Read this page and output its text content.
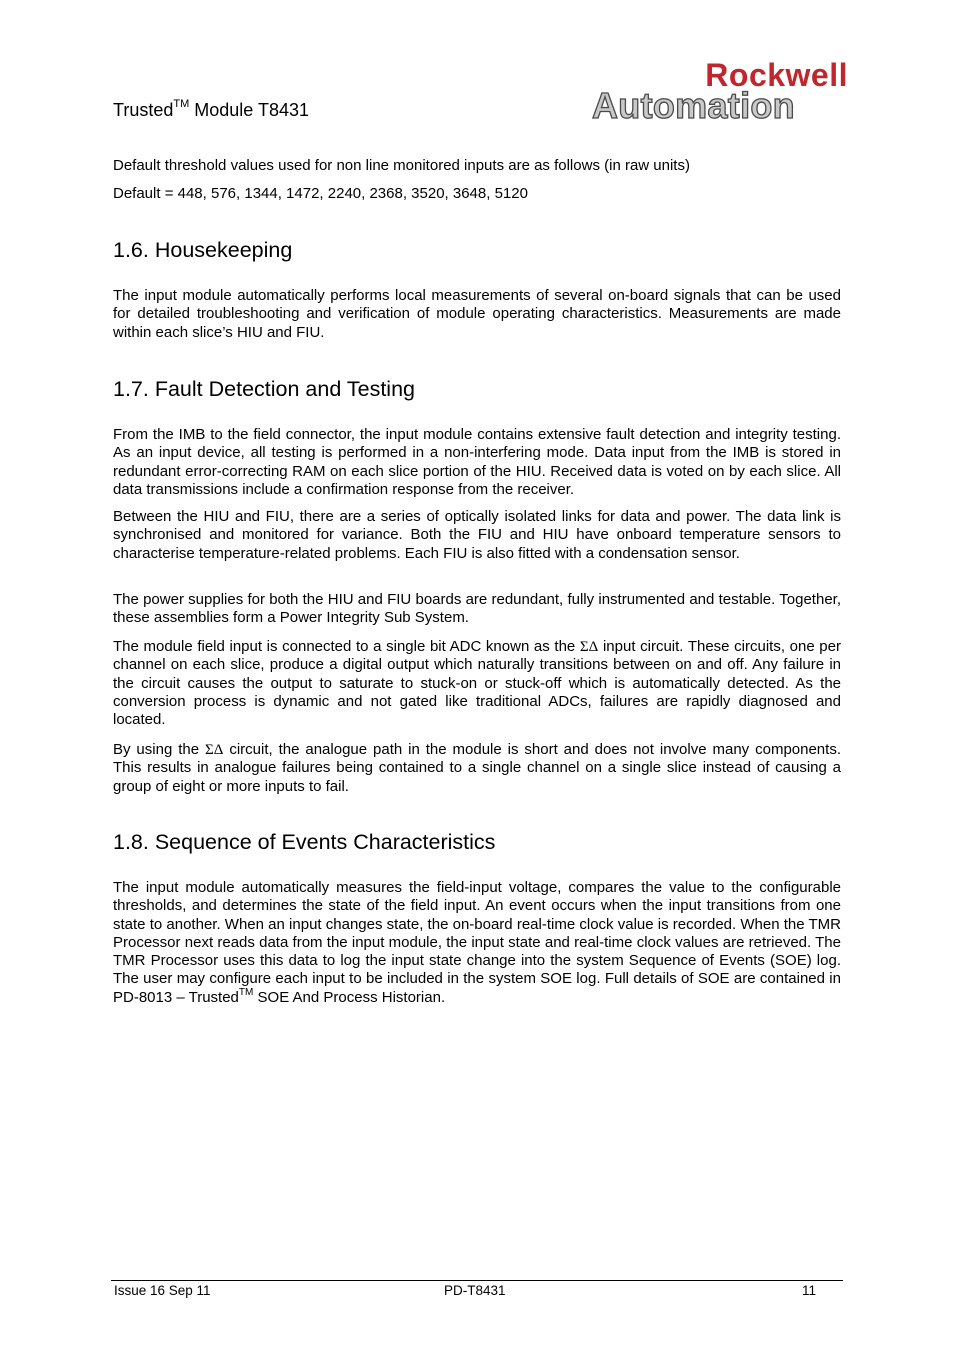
Trusted™ Module T8431
Rockwell
Automation
Default threshold values used for non line monitored inputs are as follows (in raw units)
Default = 448, 576, 1344, 1472, 2240, 2368, 3520, 3648, 5120
1.6. Housekeeping
The input module automatically performs local measurements of several on-board signals that can be used for detailed troubleshooting and verification of module operating characteristics. Measurements are made within each slice’s HIU and FIU.
1.7. Fault Detection and Testing
From the IMB to the field connector, the input module contains extensive fault detection and integrity testing. As an input device, all testing is performed in a non-interfering mode. Data input from the IMB is stored in redundant error-correcting RAM on each slice portion of the HIU. Received data is voted on by each slice. All data transmissions include a confirmation response from the receiver.
Between the HIU and FIU, there are a series of optically isolated links for data and power. The data link is synchronised and monitored for variance. Both the FIU and HIU have onboard temperature sensors to characterise temperature-related problems. Each FIU is also fitted with a condensation sensor.
The power supplies for both the HIU and FIU boards are redundant, fully instrumented and testable. Together, these assemblies form a Power Integrity Sub System.
The module field input is connected to a single bit ADC known as the ΣΔ input circuit. These circuits, one per channel on each slice, produce a digital output which naturally transitions between on and off. Any failure in the circuit causes the output to saturate to stuck-on or stuck-off which is automatically detected. As the conversion process is dynamic and not gated like traditional ADCs, failures are rapidly diagnosed and located.
By using the ΣΔ circuit, the analogue path in the module is short and does not involve many components. This results in analogue failures being contained to a single channel on a single slice instead of causing a group of eight or more inputs to fail.
1.8. Sequence of Events Characteristics
The input module automatically measures the field-input voltage, compares the value to the configurable thresholds, and determines the state of the field input. An event occurs when the input transitions from one state to another. When an input changes state, the on-board real-time clock value is recorded. When the TMR Processor next reads data from the input module, the input state and real-time clock values are retrieved. The TMR Processor uses this data to log the input state change into the system Sequence of Events (SOE) log. The user may configure each input to be included in the system SOE log. Full details of SOE are contained in PD-8013 – Trusted™ SOE And Process Historian.
Issue 16 Sep 11	PD-T8431	11
